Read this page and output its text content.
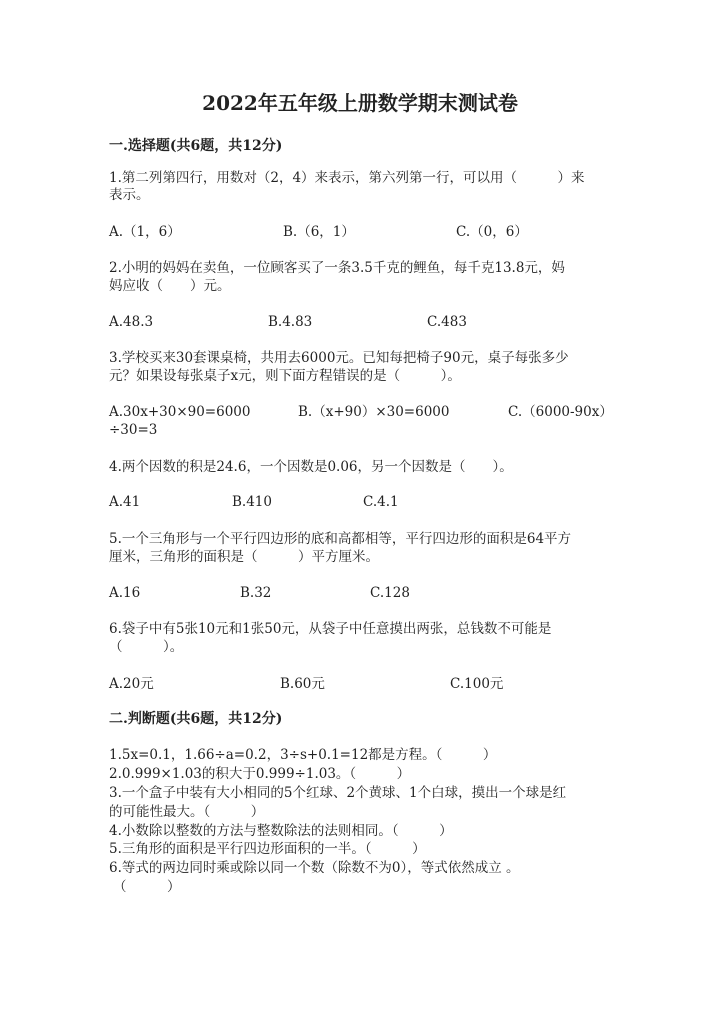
2022年五年级上册数学期末测试卷
一.选择题(共6题，共12分)
1.第二列第四行，用数对（2，4）来表示，第六列第一行，可以用（　　　）来
表示。
A.（1，6）	B.（6，1）	C.（0，6）
2.小明的妈妈在卖鱼，一位顾客买了一条3.5千克的鲤鱼，每千克13.8元，妈
妈应收（　　）元。
A.48.3	B.4.83	C.483
3.学校买来30套课桌椅，共用去6000元。已知每把椅子90元，桌子每张多少
元？如果设每张桌子x元，则下面方程错误的是（　　　）。
A.30x+30×90=6000	B.（x+90）×30=6000	C.（6000-90x）
÷30=3
4.两个因数的积是24.6，一个因数是0.06，另一个因数是（　　）。
A.41	B.410	C.4.1
5.一个三角形与一个平行四边形的底和高都相等，平行四边形的面积是64平方
厘米，三角形的面积是（　　　）平方厘米。
A.16	B.32	C.128
6.袋子中有5张10元和1张50元，从袋子中任意摸出两张，总钱数不可能是
（　　　）。
A.20元	B.60元	C.100元
二.判断题(共6题，共12分)
1.5x=0.1，1.66÷a=0.2，3÷s+0.1=12都是方程。（　　　）
2.0.999×1.03的积大于0.999÷1.03。（　　　）
3.一个盒子中装有大小相同的5个红球、2个黄球、1个白球，摸出一个球是红
的可能性最大。（　　　）
4.小数除以整数的方法与整数除法的法则相同。（　　　）
5.三角形的面积是平行四边形面积的一半。（　　　）
6.等式的两边同时乘或除以同一个数（除数不为0），等式依然成立 。
（　　　）
